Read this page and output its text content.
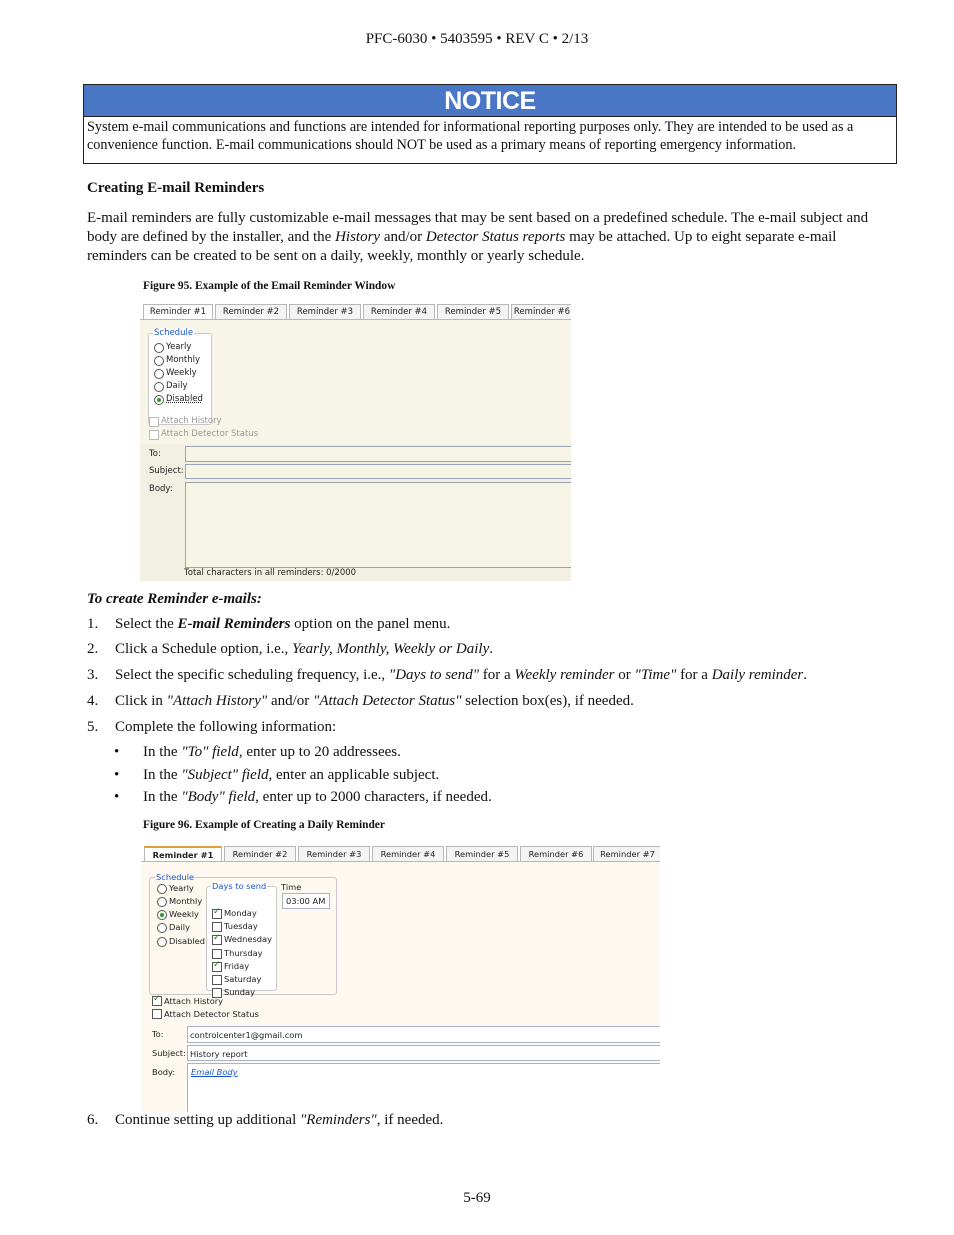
PFC-6030 • 5403595 • REV C • 2/13
NOTICE
System e-mail communications and functions are intended for informational reporting purposes only. They are intended to be used as a convenience function. E-mail communications should NOT be used as a primary means of reporting emergency information.
Creating E-mail Reminders
E-mail reminders are fully customizable e-mail messages that may be sent based on a predefined schedule. The e-mail subject and body are defined by the installer, and the History and/or Detector Status reports may be attached. Up to eight separate e-mail reminders can be created to be sent on a daily, weekly, monthly or yearly schedule.
Figure 95. Example of the Email Reminder Window
Reminder #1	Reminder #2	Reminder #3	Reminder #4	Reminder #5	Reminder #6
Schedule
Yearly
Monthly
Weekly
Daily
Disabled
Attach History
Attach Detector Status
To:
Subject:
Body:
Total characters in all reminders: 0/2000
To create Reminder e-mails:
1.	Select the E-mail Reminders option on the panel menu.
2.	Click a Schedule option, i.e., Yearly, Monthly, Weekly or Daily.
3.	Select the specific scheduling frequency, i.e., "Days to send" for a Weekly reminder or "Time" for a Daily reminder.
4.	Click in "Attach History" and/or "Attach Detector Status" selection box(es), if needed.
5.	Complete the following information:
• In the "To" field, enter up to 20 addressees.
• In the "Subject" field, enter an applicable subject.
• In the "Body" field, enter up to 2000 characters, if needed.
Figure 96. Example of Creating a Daily Reminder
Reminder #1	Reminder #2	Reminder #3	Reminder #4	Reminder #5	Reminder #6	Reminder #7
Schedule
Yearly
Monthly
Weekly
Daily
Disabled
Days to send
✓
Monday
Tuesday
✓
Wednesday
Thursday
✓
Friday
Saturday
Sunday
Time
03:00 AM
✓
Attach History
Attach Detector Status
To:	controlcenter1@gmail.com
Subject: History report
Body: Email Body
6.	Continue setting up additional "Reminders", if needed.
5-69
